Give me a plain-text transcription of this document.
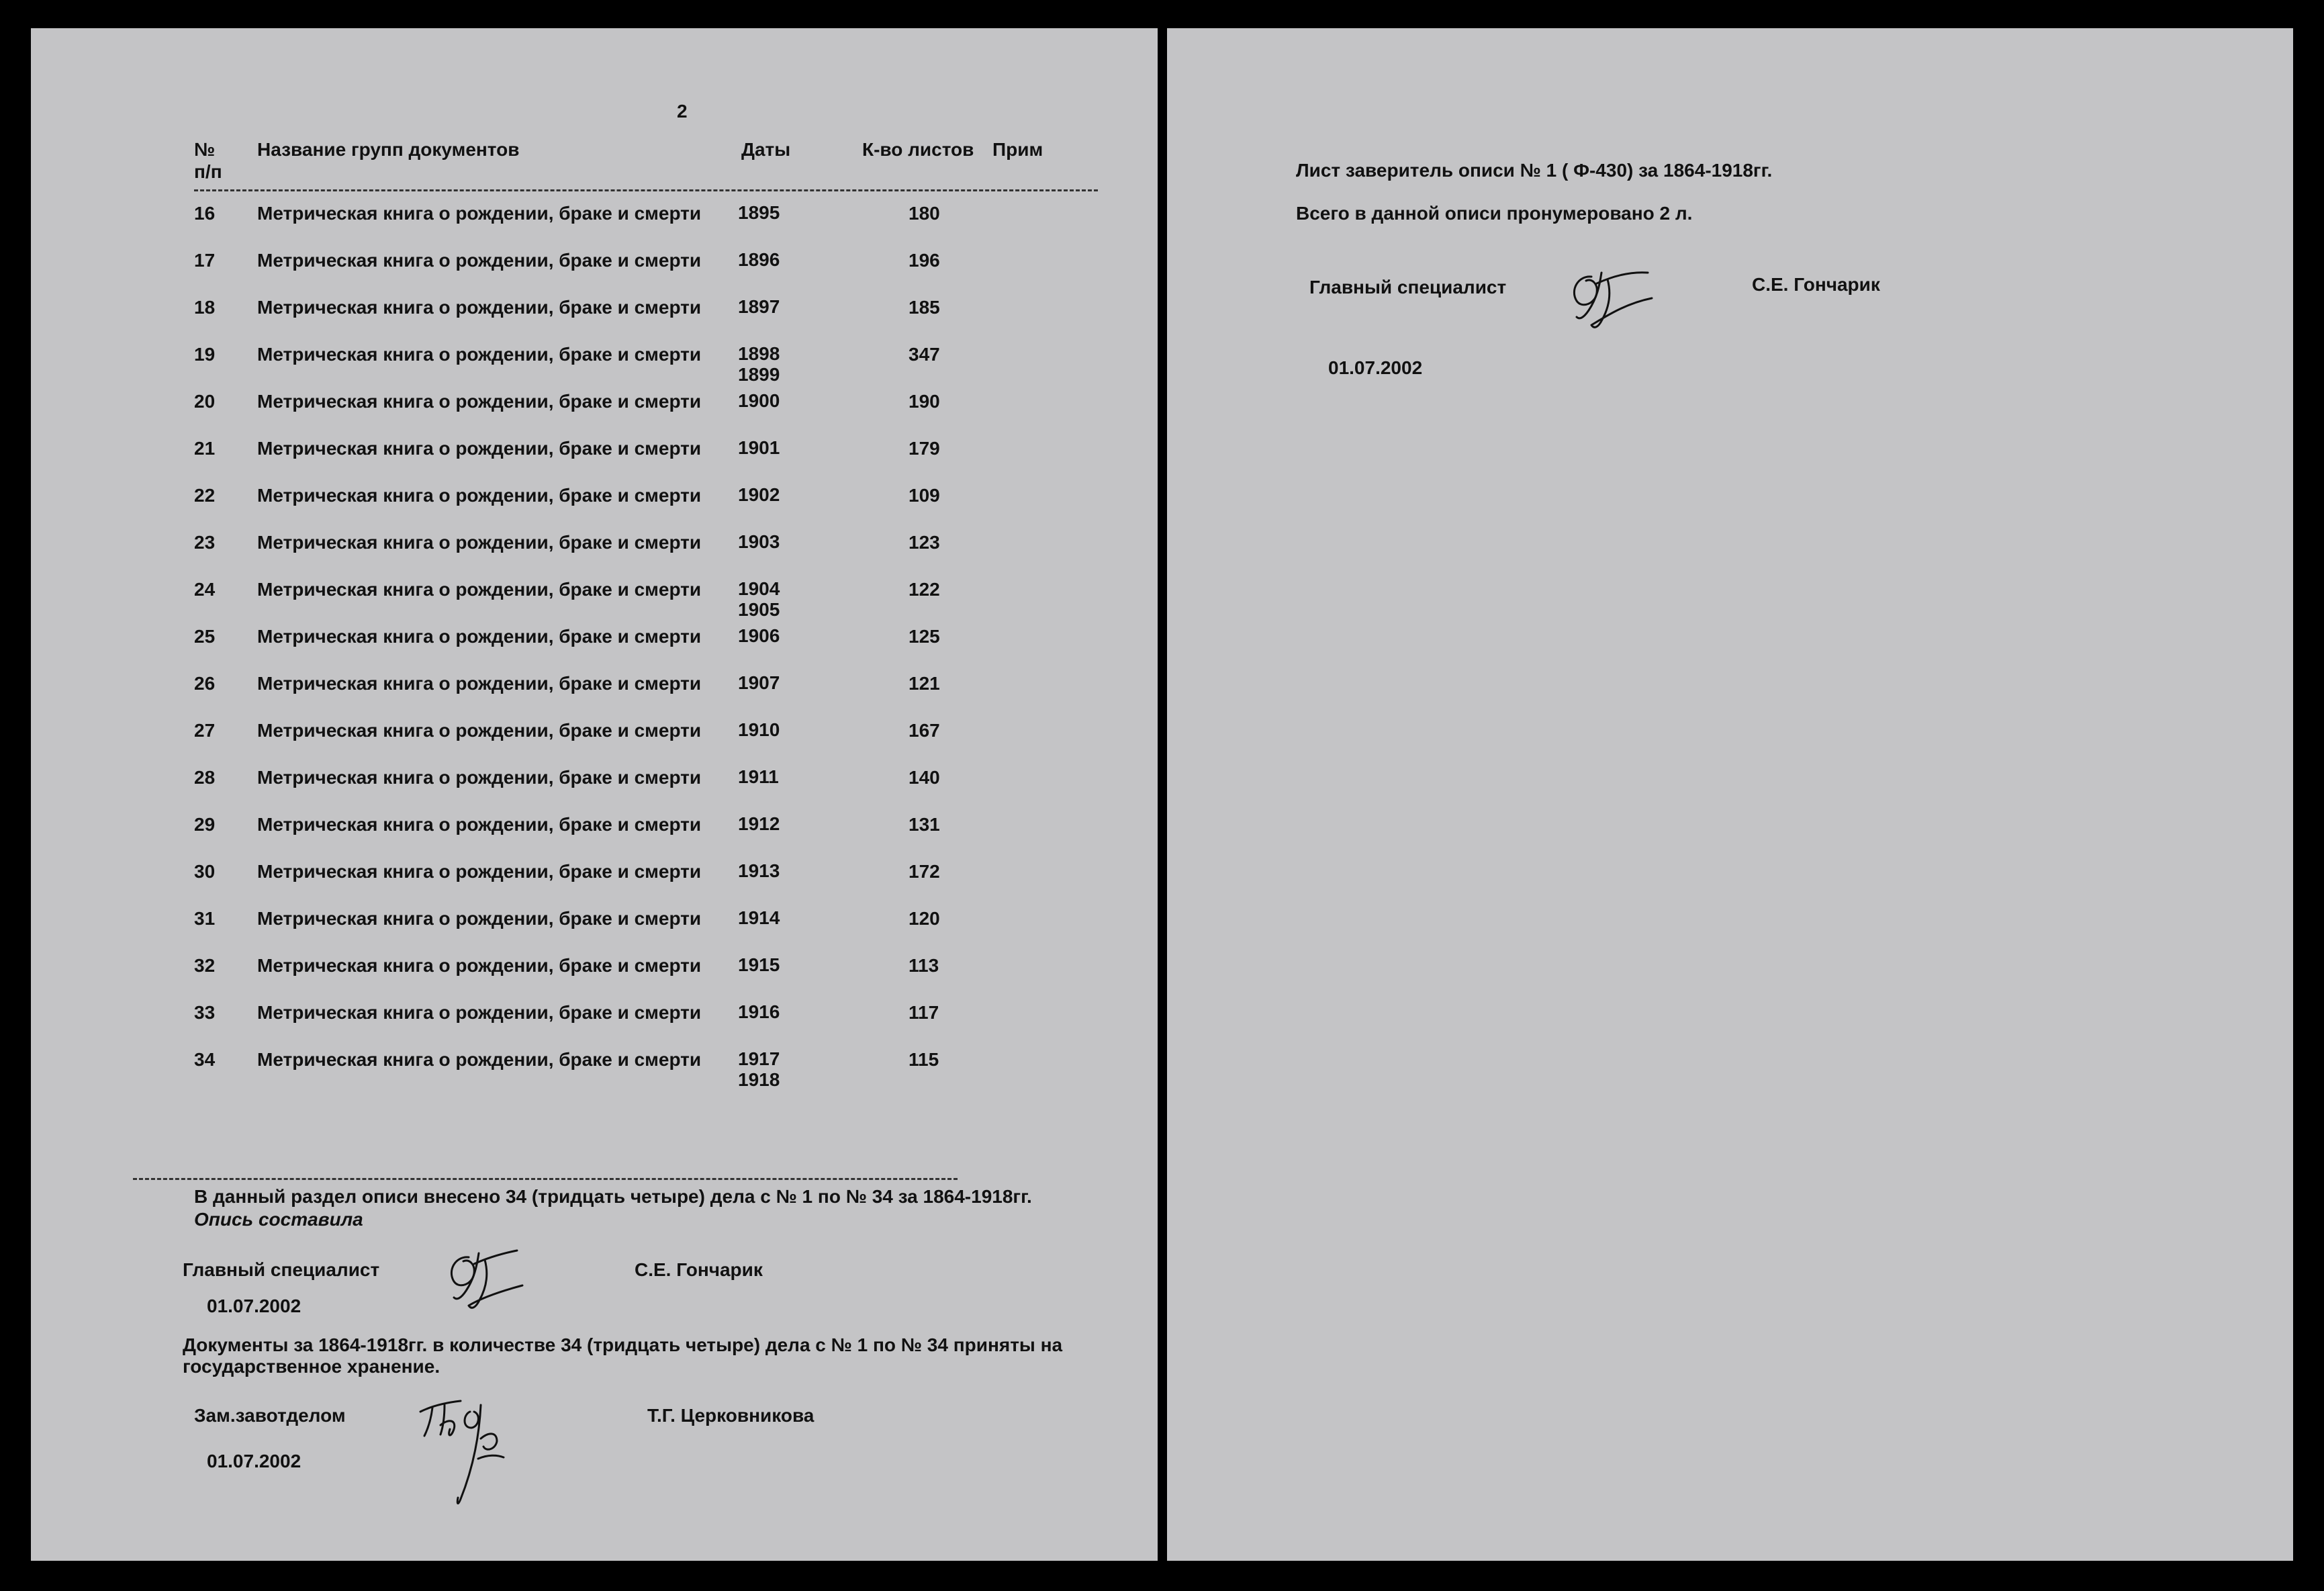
2
№
п/п
Название групп документов	Даты	К-во листов Прим
16 Метрическая книга о рождении, браке и смерти 1895	180
17 Метрическая книга о рождении, браке и смерти 1896	196
18 Метрическая книга о рождении, браке и смерти 1897	185
19 Метрическая книга о рождении, браке и смерти 1898	347
1899
20 Метрическая книга о рождении, браке и смерти 1900	190
21 Метрическая книга о рождении, браке и смерти 1901	179
22 Метрическая книга о рождении, браке и смерти 1902	109
23 Метрическая книга о рождении, браке и смерти 1903	123
24 Метрическая книга о рождении, браке и смерти 1904	122
1905
25 Метрическая книга о рождении, браке и смерти 1906	125
26 Метрическая книга о рождении, браке и смерти 1907	121
27 Метрическая книга о рождении, браке и смерти 1910	167
28 Метрическая книга о рождении, браке и смерти 1911	140
29 Метрическая книга о рождении, браке и смерти 1912	131
30 Метрическая книга о рождении, браке и смерти 1913	172
31 Метрическая книга о рождении, браке и смерти 1914	120
32 Метрическая книга о рождении, браке и смерти 1915	113
33 Метрическая книга о рождении, браке и смерти 1916	117
34 Метрическая книга о рождении, браке и смерти 1917	115
1918
В данный раздел описи внесено 34 (тридцать четыре) дела с № 1 по № 34 за 1864-1918гг.
Опись составила
Главный специалист	С.Е. Гончарик
01.07.2002
Документы за 1864-1918гг. в количестве 34 (тридцать четыре) дела с № 1 по № 34 приняты на
государственное хранение.
Зам.завотделом	Т.Г. Церковникова
01.07.2002
Лист заверитель описи № 1 ( Ф-430) за 1864-1918гг.
Всего в данной описи пронумеровано 2 л.
Главный специалист	С.Е. Гончарик
01.07.2002
